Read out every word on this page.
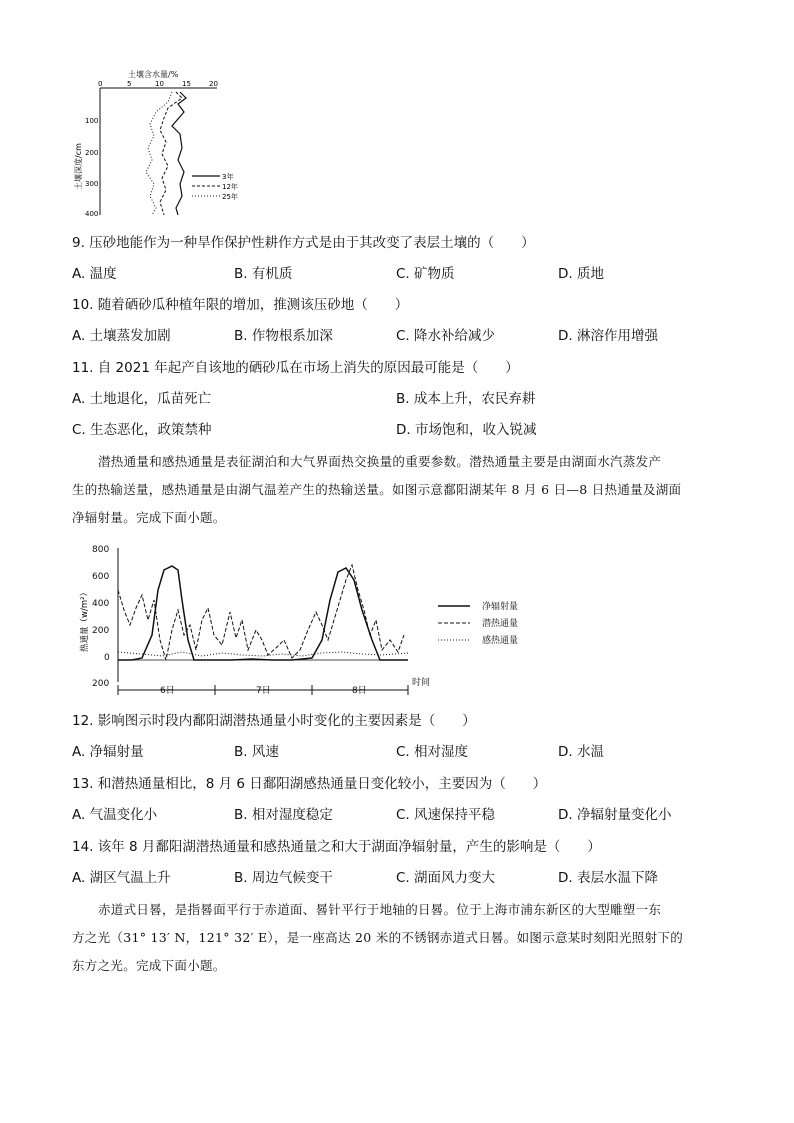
土壤含水量/%
0	5	10	15	20
100
200
300
400
土壤深度/cm	3年
12年
25年
9. 压砂地能作为一种旱作保护性耕作方式是由于其改变了表层土壤的（　　）
A. 温度	B. 有机质	C. 矿物质	D. 质地
10. 随着硒砂瓜种植年限的增加，推测该压砂地（　　）
A. 土壤蒸发加剧	B. 作物根系加深	C. 降水补给减少	D. 淋溶作用增强
11. 自 2021 年起产自该地的硒砂瓜在市场上消失的原因最可能是（　　）
A. 土地退化，瓜苗死亡	B. 成本上升，农民弃耕
C. 生态恶化，政策禁种	D. 市场饱和，收入锐减
潜热通量和感热通量是表征湖泊和大气界面热交换量的重要参数。潜热通量主要是由湖面水汽蒸发产
生的热输送量，感热通量是由湖气温差产生的热输送量。如图示意鄱阳湖某年 8 月 6 日—8 日热通量及湖面
净辐射量。完成下面小题。
800
600
400
200
0
200
热通量（w/m²）
6日	7日	8日
时间
净辐射量
潜热通量
感热通量
12. 影响图示时段内鄱阳湖潜热通量小时变化的主要因素是（　　）
A. 净辐射量	B. 风速	C. 相对湿度	D. 水温
13. 和潜热通量相比，8 月 6 日鄱阳湖感热通量日变化较小，主要因为（　　）
A. 气温变化小	B. 相对湿度稳定	C. 风速保持平稳	D. 净辐射量变化小
14. 该年 8 月鄱阳湖潜热通量和感热通量之和大于湖面净辐射量，产生的影响是（　　）
A. 湖区气温上升	B. 周边气候变干	C. 湖面风力变大	D. 表层水温下降
赤道式日晷，是指晷面平行于赤道面、晷针平行于地轴的日晷。位于上海市浦东新区的大型雕塑一东
方之光（31° 13′ N，121° 32′ E），是一座高达 20 米的不锈钢赤道式日晷。如图示意某时刻阳光照射下的
东方之光。完成下面小题。
